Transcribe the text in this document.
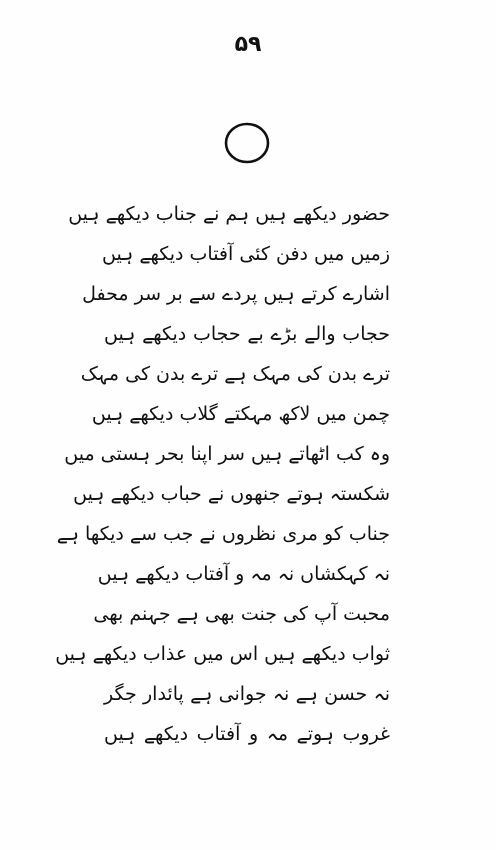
۵۹
حضور دیکھے ہیں ہم نے جناب دیکھے ہیں
زمیں میں دفن کئی آفتاب دیکھے ہیں
اشارے کرتے ہیں پردے سے بر سر محفل
حجاب والے بڑے بے حجاب دیکھے ہیں
ترے بدن کی مہک ہے ترے بدن کی مہک
چمن میں لاکھ مہکتے گلاب دیکھے ہیں
وہ کب اٹھاتے ہیں سر اپنا بحر ہستی میں
شکستہ ہوتے جنھوں نے حباب دیکھے ہیں
جناب کو مری نظروں نے جب سے دیکھا ہے
نہ کہکشاں نہ مہ و آفتاب دیکھے ہیں
محبت آپ کی جنت بھی ہے جہنم بھی
ثواب دیکھے ہیں اس میں عذاب دیکھے ہیں
نہ حسن ہے نہ جوانی ہے پائدار جگر
غروب ہوتے مہ و آفتاب دیکھے ہیں
